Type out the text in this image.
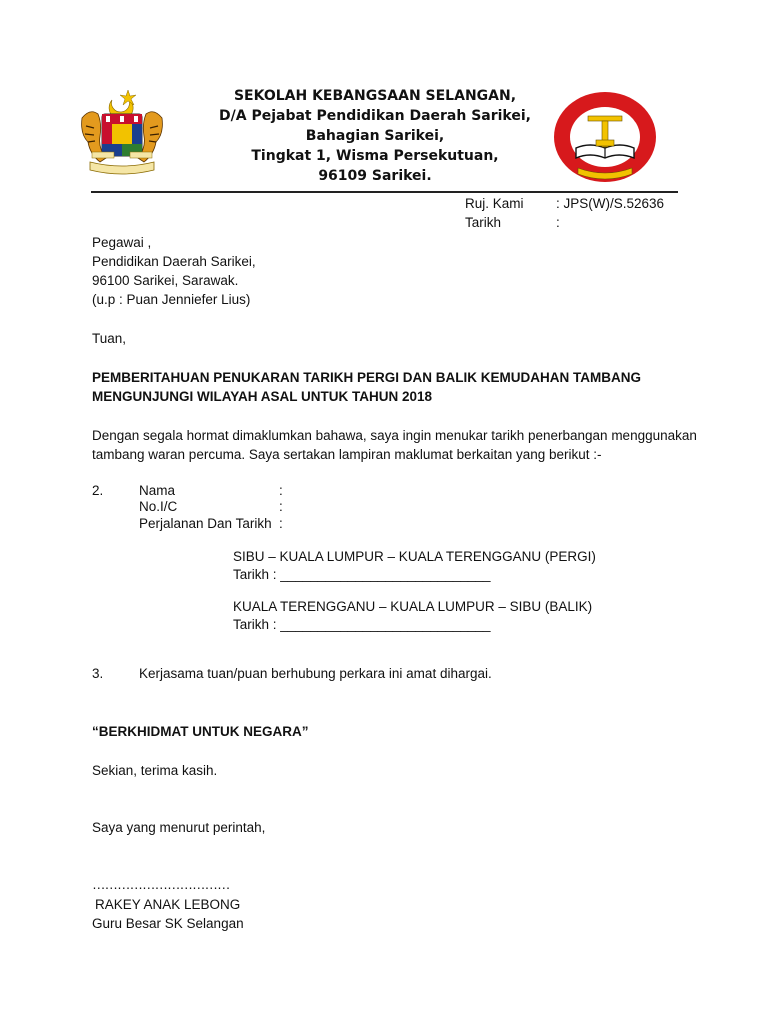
SEKOLAH KEBANGSAAN SELANGAN,
D/A Pejabat Pendidikan Daerah Sarikei,
Bahagian Sarikei,
Tingkat 1, Wisma Persekutuan,
96109 Sarikei.
Ruj. Kami : JPS(W)/S.52636
Tarikh	:
Pegawai ,
Pendidikan Daerah Sarikei,
96100 Sarikei, Sarawak.
(u.p : Puan Jenniefer Lius)
Tuan,
PEMBERITAHUAN PENUKARAN TARIKH PERGI DAN BALIK KEMUDAHAN TAMBANG
MENGUNJUNGI WILAYAH ASAL UNTUK TAHUN 2018
Dengan segala hormat dimaklumkan bahawa, saya ingin menukar tarikh penerbangan menggunakan
tambang waran percuma. Saya sertakan lampiran maklumat berkaitan yang berikut :-
2.	Nama	:
No.I/C	:
Perjalanan Dan Tarikh :
SIBU – KUALA LUMPUR – KUALA TERENGGANU (PERGI)
Tarikh : ____________________________
KUALA TERENGGANU – KUALA LUMPUR – SIBU (BALIK)
Tarikh : ____________________________
3.	Kerjasama tuan/puan berhubung perkara ini amat dihargai.
“BERKHIDMAT UNTUK NEGARA”
Sekian, terima kasih.
Saya yang menurut perintah,
……………………………
RAKEY ANAK LEBONG
Guru Besar SK Selangan
